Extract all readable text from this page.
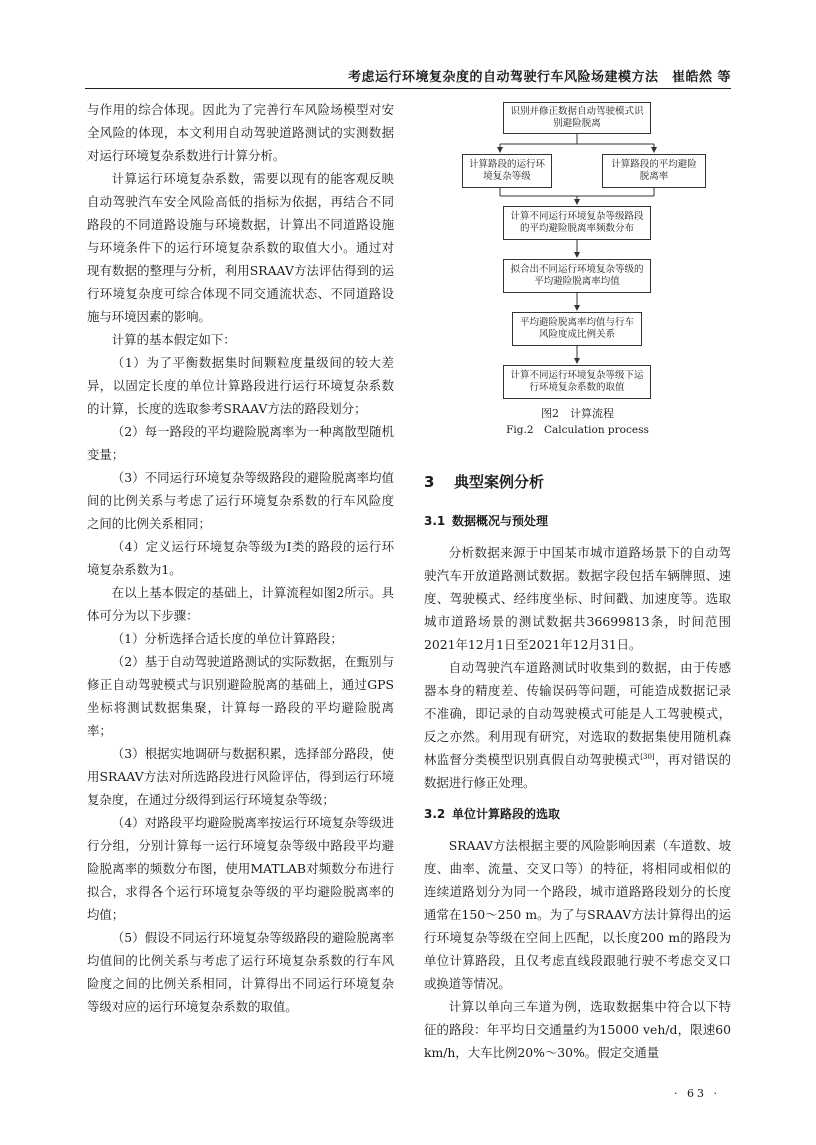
考虑运行环境复杂度的自动驾驶行车风险场建模方法　崔皓然 等

与作用的综合体现。因此为了完善行车风险场模型对安全风险的体现，本文利用自动驾驶道路测试的实测数据对运行环境复杂系数进行计算分析。

计算运行环境复杂系数，需要以现有的能客观反映自动驾驶汽车安全风险高低的指标为依据，再结合不同路段的不同道路设施与环境数据，计算出不同道路设施与环境条件下的运行环境复杂系数的取值大小。通过对现有数据的整理与分析，利用SRAAV方法评估得到的运行环境复杂度可综合体现不同交通流状态、不同道路设施与环境因素的影响。

计算的基本假定如下：

（1）为了平衡数据集时间颗粒度量级间的较大差异，以固定长度的单位计算路段进行运行环境复杂系数的计算，长度的选取参考SRAAV方法的路段划分；

（2）每一路段的平均避险脱离率为一种离散型随机变量；

（3）不同运行环境复杂等级路段的避险脱离率均值间的比例关系与考虑了运行环境复杂系数的行车风险度之间的比例关系相同；

（4）定义运行环境复杂等级为Ⅰ类的路段的运行环境复杂系数为1。

在以上基本假定的基础上，计算流程如图2所示。具体可分为以下步骤：

（1）分析选择合适长度的单位计算路段；

（2）基于自动驾驶道路测试的实际数据，在甄别与修正自动驾驶模式与识别避险脱离的基础上，通过GPS坐标将测试数据集聚，计算每一路段的平均避险脱离率；

（3）根据实地调研与数据积累，选择部分路段，使用SRAAV方法对所选路段进行风险评估，得到运行环境复杂度，在通过分级得到运行环境复杂等级；

（4）对路段平均避险脱离率按运行环境复杂等级进行分组，分别计算每一运行环境复杂等级中路段平均避险脱离率的频数分布图，使用MATLAB对频数分布进行拟合，求得各个运行环境复杂等级的平均避险脱离率的均值；

（5）假设不同运行环境复杂等级路段的避险脱离率均值间的比例关系与考虑了运行环境复杂系数的行车风险度之间的比例关系相同，计算得出不同运行环境复杂等级对应的运行环境复杂系数的取值。

识别并修正数据自动驾驶模式识别避险脱离
计算路段的运行环境复杂等级
计算路段的平均避险脱离率
计算不同运行环境复杂等级路段的平均避险脱离率频数分布
拟合出不同运行环境复杂等级的平均避险脱离率均值
平均避险脱离率均值与行车风险度成比例关系
计算不同运行环境复杂等级下运行环境复杂系数的取值
图2　计算流程
Fig.2　Calculation process
3 典型案例分析
3.1 数据概况与预处理

分析数据来源于中国某市城市道路场景下的自动驾驶汽车开放道路测试数据。数据字段包括车辆牌照、速度、驾驶模式、经纬度坐标、时间戳、加速度等。选取城市道路场景的测试数据共36699813条，时间范围2021年12月1日至2021年12月31日。

自动驾驶汽车道路测试时收集到的数据，由于传感器本身的精度差、传输误码等问题，可能造成数据记录不准确，即记录的自动驾驶模式可能是人工驾驶模式，反之亦然。利用现有研究，对选取的数据集使用随机森林监督分类模型识别真假自动驾驶模式[30]，再对错误的数据进行修正处理。

3.2 单位计算路段的选取

SRAAV方法根据主要的风险影响因素（车道数、坡度、曲率、流量、交叉口等）的特征，将相同或相似的连续道路划分为同一个路段，城市道路路段划分的长度通常在150～250 m。为了与SRAAV方法计算得出的运行环境复杂等级在空间上匹配，以长度200 m的路段为单位计算路段，且仅考虑直线段跟驰行驶不考虑交叉口或换道等情况。

计算以单向三车道为例，选取数据集中符合以下特征的路段：年平均日交通量约为15000 veh/d，限速60 km/h，大车比例20%～30%。假定交通量

· 63 ·
